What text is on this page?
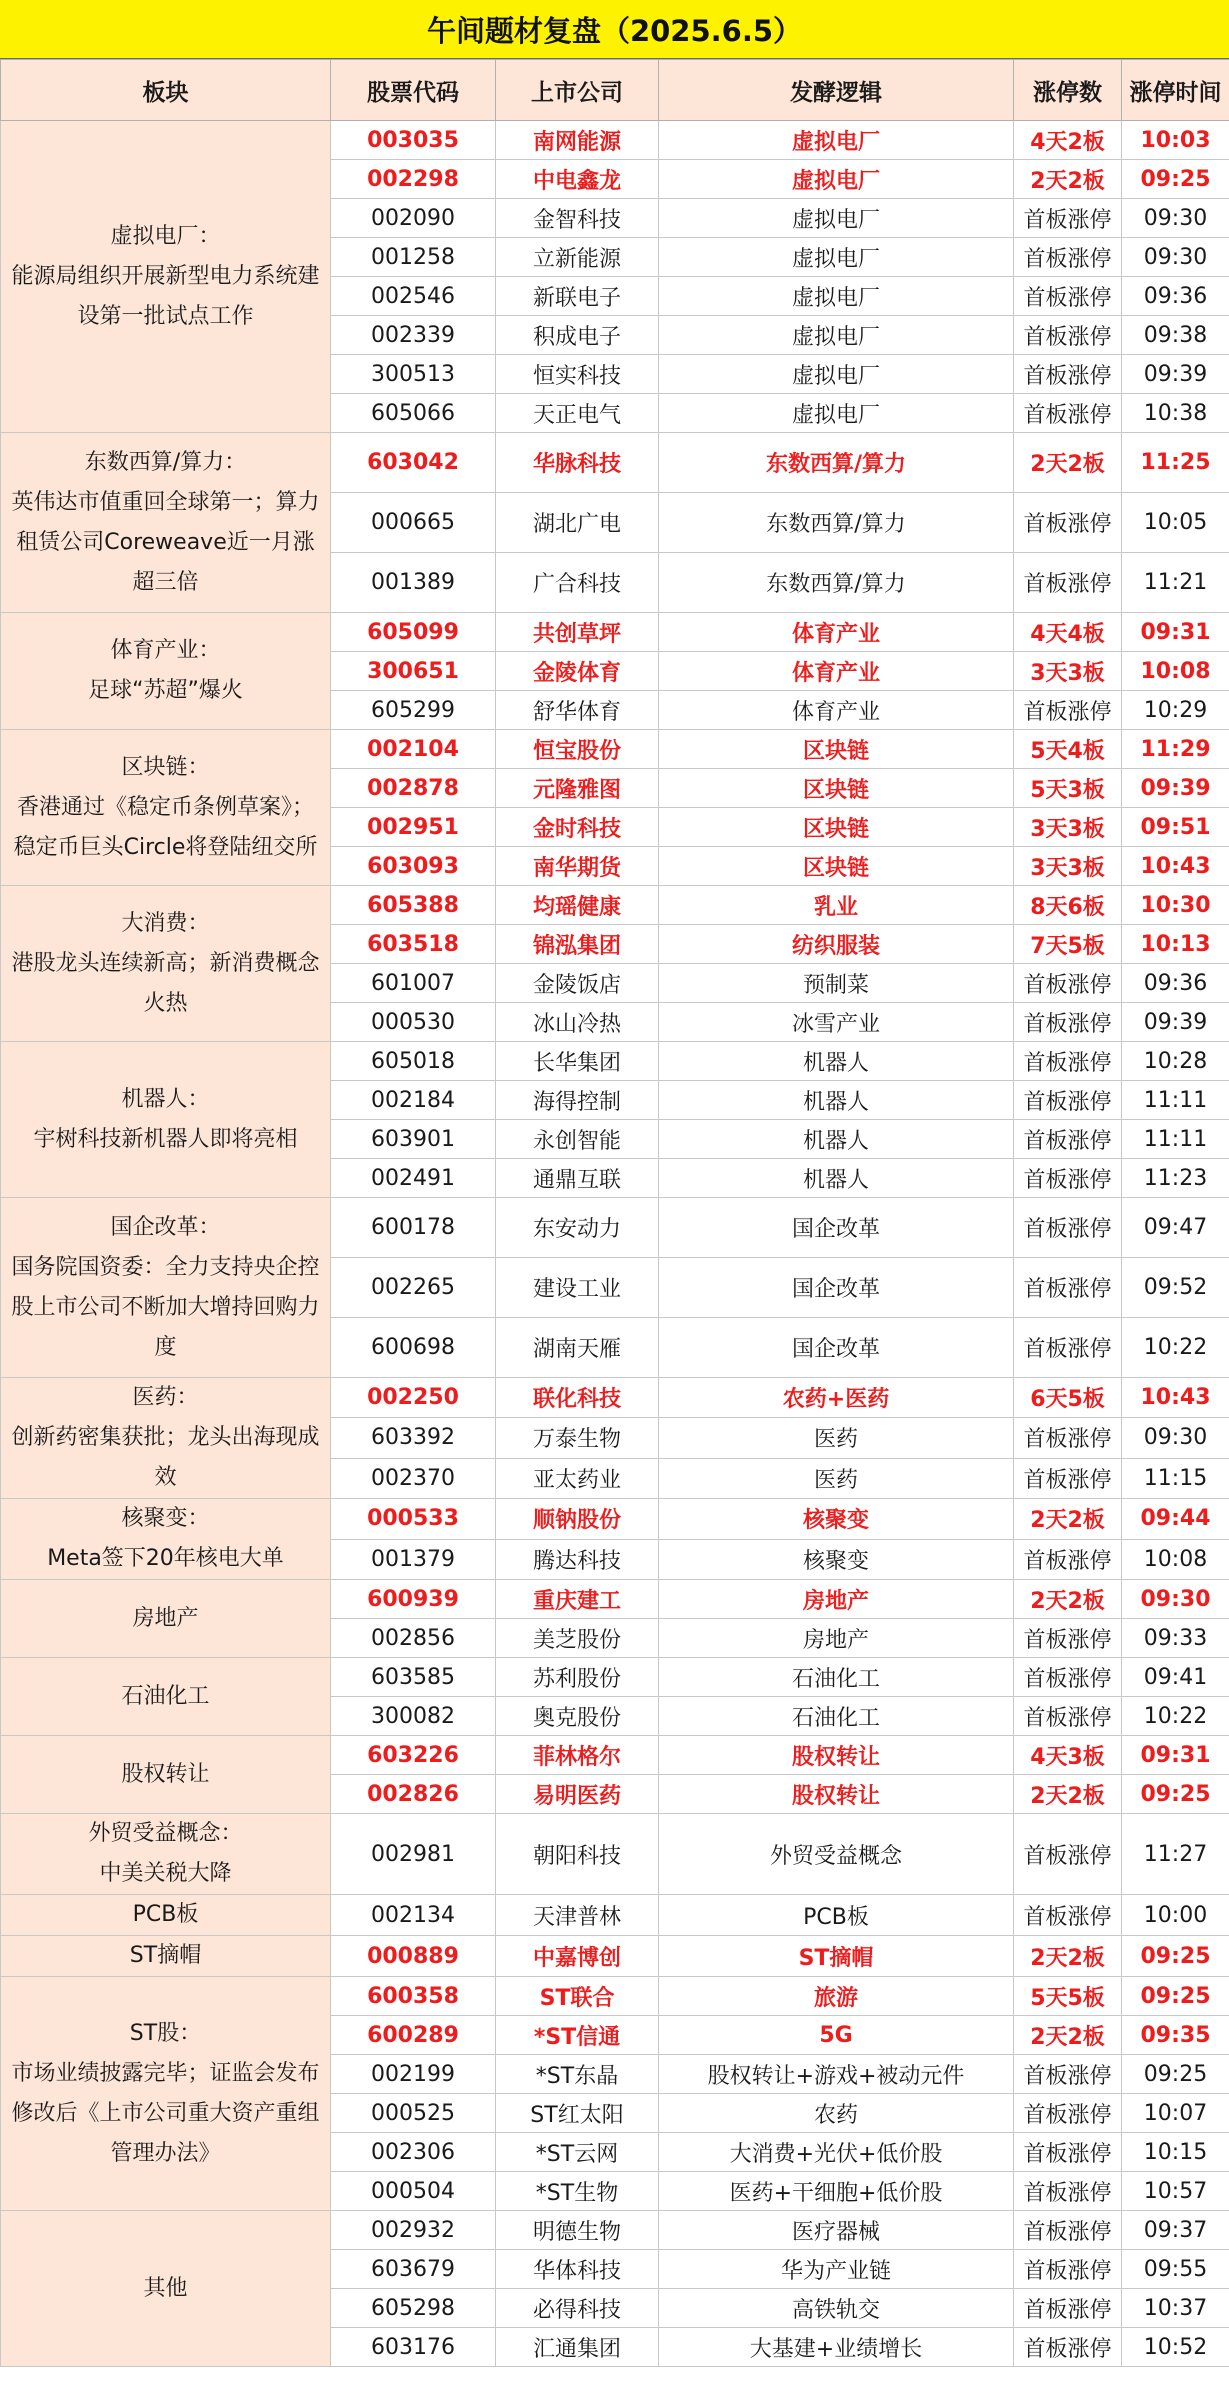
午间题材复盘（2025.6.5）
板块	股票代码	上市公司	发酵逻辑	涨停数	涨停时间

虚拟电厂：
能源局组织开展新型电力系统建设第一批试点工作	003035	南网能源	虚拟电厂	4天2板	10:03
	002298	中电鑫龙	虚拟电厂	2天2板	09:25
	002090	金智科技	虚拟电厂	首板涨停	09:30
	001258	立新能源	虚拟电厂	首板涨停	09:30
	002546	新联电子	虚拟电厂	首板涨停	09:36
	002339	积成电子	虚拟电厂	首板涨停	09:38
	300513	恒实科技	虚拟电厂	首板涨停	09:39
	605066	天正电气	虚拟电厂	首板涨停	10:38

东数西算/算力：
英伟达市值重回全球第一；算力租赁公司Coreweave近一月涨超三倍	603042	华脉科技	东数西算/算力	2天2板	11:25
	000665	湖北广电	东数西算/算力	首板涨停	10:05
	001389	广合科技	东数西算/算力	首板涨停	11:21

体育产业：
足球“苏超”爆火	605099	共创草坪	体育产业	4天4板	09:31
	300651	金陵体育	体育产业	3天3板	10:08
	605299	舒华体育	体育产业	首板涨停	10:29

区块链：
香港通过《稳定币条例草案》；稳定币巨头Circle将登陆纽交所	002104	恒宝股份	区块链	5天4板	11:29
	002878	元隆雅图	区块链	5天3板	09:39
	002951	金时科技	区块链	3天3板	09:51
	603093	南华期货	区块链	3天3板	10:43

大消费：
港股龙头连续新高；新消费概念火热	605388	均瑶健康	乳业	8天6板	10:30
	603518	锦泓集团	纺织服装	7天5板	10:13
	601007	金陵饭店	预制菜	首板涨停	09:36
	000530	冰山冷热	冰雪产业	首板涨停	09:39

机器人：
宇树科技新机器人即将亮相	605018	长华集团	机器人	首板涨停	10:28
	002184	海得控制	机器人	首板涨停	11:11
	603901	永创智能	机器人	首板涨停	11:11
	002491	通鼎互联	机器人	首板涨停	11:23

国企改革：
国务院国资委：全力支持央企控股上市公司不断加大增持回购力度	600178	东安动力	国企改革	首板涨停	09:47
	002265	建设工业	国企改革	首板涨停	09:52
	600698	湖南天雁	国企改革	首板涨停	10:22

医药：
创新药密集获批；龙头出海现成效	002250	联化科技	农药+医药	6天5板	10:43
	603392	万泰生物	医药	首板涨停	09:30
	002370	亚太药业	医药	首板涨停	11:15

核聚变：
Meta签下20年核电大单	000533	顺钠股份	核聚变	2天2板	09:44
	001379	腾达科技	核聚变	首板涨停	10:08

房地产	600939	重庆建工	房地产	2天2板	09:30
	002856	美芝股份	房地产	首板涨停	09:33

石油化工	603585	苏利股份	石油化工	首板涨停	09:41
	300082	奥克股份	石油化工	首板涨停	10:22

股权转让	603226	菲林格尔	股权转让	4天3板	09:31
	002826	易明医药	股权转让	2天2板	09:25

外贸受益概念：
中美关税大降	002981	朝阳科技	外贸受益概念	首板涨停	11:27

PCB板	002134	天津普林	PCB板	首板涨停	10:00

ST摘帽	000889	中嘉博创	ST摘帽	2天2板	09:25

ST股：
市场业绩披露完毕；证监会发布修改后《上市公司重大资产重组管理办法》	600358	ST联合	旅游	5天5板	09:25
	600289	*ST信通	5G	2天2板	09:35
	002199	*ST东晶	股权转让+游戏+被动元件	首板涨停	09:25
	000525	ST红太阳	农药	首板涨停	10:07
	002306	*ST云网	大消费+光伏+低价股	首板涨停	10:15
	000504	*ST生物	医药+干细胞+低价股	首板涨停	10:57

其他	002932	明德生物	医疗器械	首板涨停	09:37
	603679	华体科技	华为产业链	首板涨停	09:55
	605298	必得科技	高铁轨交	首板涨停	10:37
	603176	汇通集团	大基建+业绩增长	首板涨停	10:52
